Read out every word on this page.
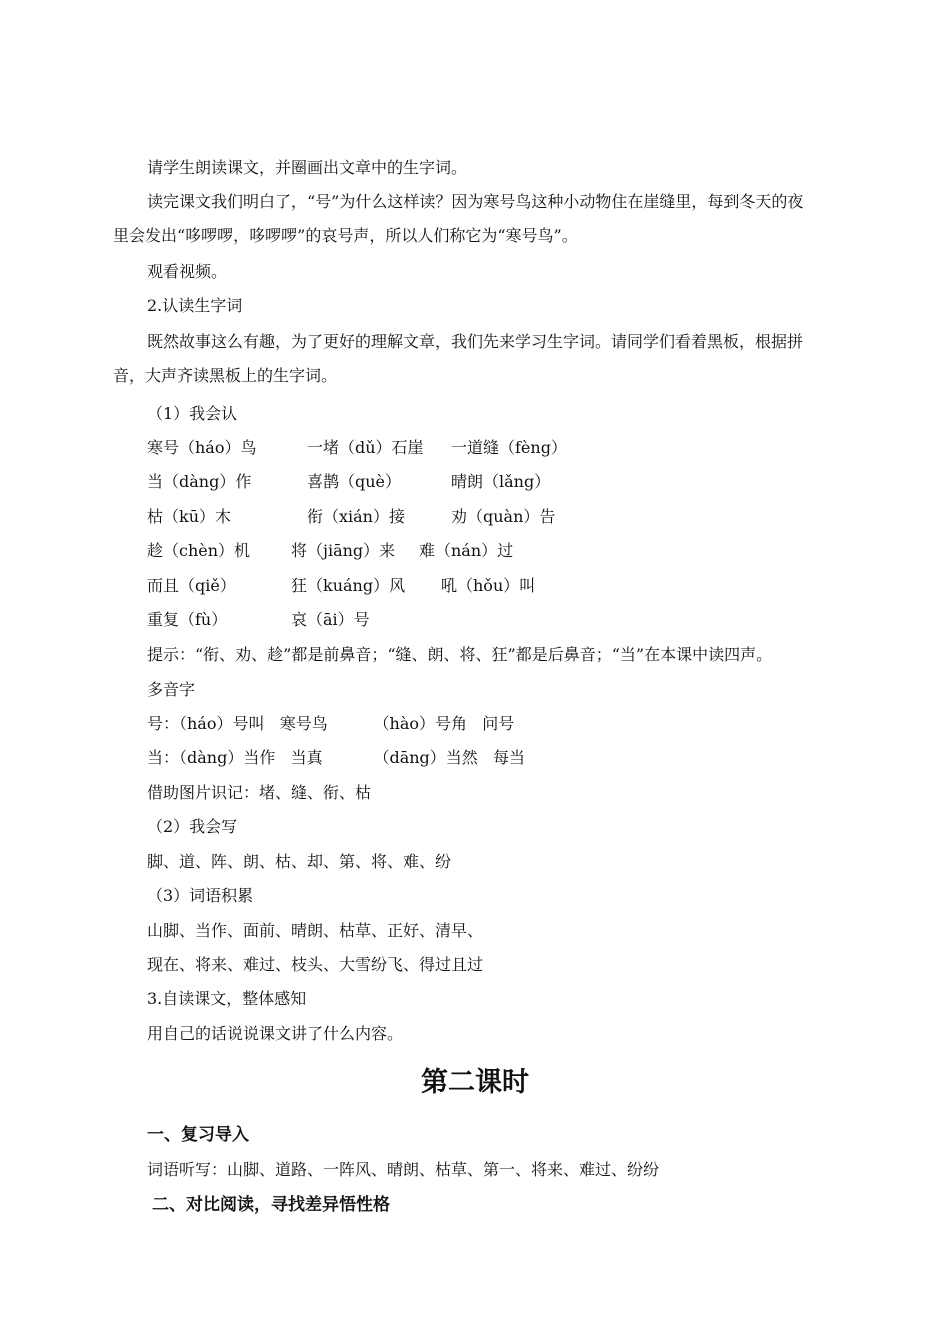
请学生朗读课文，并圈画出文章中的生字词。
读完课文我们明白了，“号”为什么这样读？因为寒号鸟这种小动物住在崖缝里，每到冬天的夜
里会发出“哆啰啰，哆啰啰”的哀号声，所以人们称它为“寒号鸟”。
观看视频。
2.认读生字词
既然故事这么有趣，为了更好的理解文章，我们先来学习生字词。请同学们看着黑板，根据拼
音，大声齐读黑板上的生字词。
（1）我会认
寒号（háo）鸟	一堵（dǔ）石崖 一道缝（fèng）
当（dàng）作	喜鹊（què）	晴朗（lǎng）
枯（kū）木	衔（xián）接	劝（quàn）告
趁（chèn）机	将（jiāng）来 难（nán）过
而且（qiě）	狂（kuáng）风 吼（hǒu）叫
重复（fù）	哀（āi）号
提示：“衔、劝、趁”都是前鼻音；“缝、朗、将、狂”都是后鼻音；“当”在本课中读四声。
多音字
号：（háo）号叫   寒号鸟         （hào）号角   问号
当：（dàng）当作   当真          （dāng）当然   每当
借助图片识记：堵、缝、衔、枯
（2）我会写
脚、道、阵、朗、枯、却、第、将、难、纷
（3）词语积累
山脚、当作、面前、晴朗、枯草、正好、清早、
现在、将来、难过、枝头、大雪纷飞、得过且过
3.自读课文，整体感知
用自己的话说说课文讲了什么内容。
第二课时
一、复习导入
词语听写：山脚、道路、一阵风、晴朗、枯草、第一、将来、难过、纷纷
二、对比阅读，寻找差异悟性格
